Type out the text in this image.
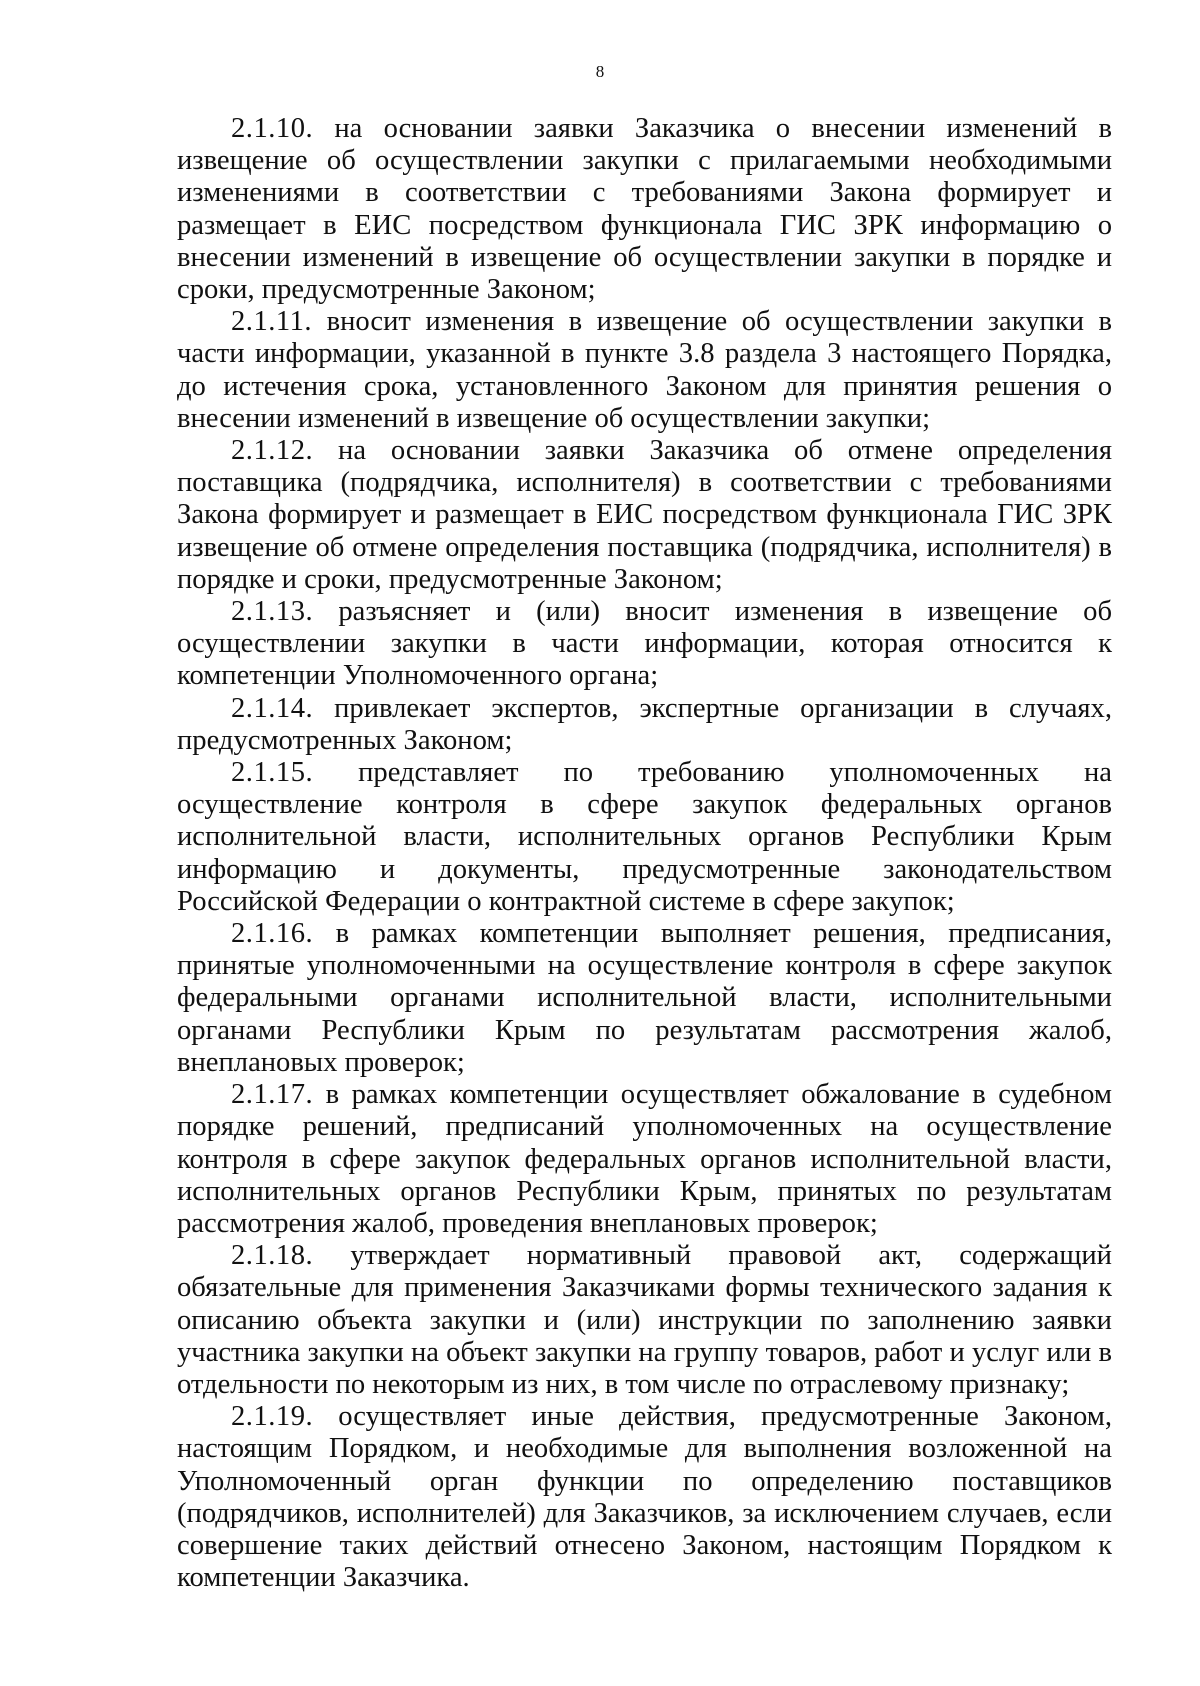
8

2.1.10. на основании заявки Заказчика о внесении изменений в извещение об осуществлении закупки с прилагаемыми необходимыми изменениями в соответствии с требованиями Закона формирует и размещает в ЕИС посредством функционала ГИС ЗРК информацию о внесении изменений в извещение об осуществлении закупки в порядке и сроки, предусмотренные Законом;

2.1.11. вносит изменения в извещение об осуществлении закупки в части информации, указанной в пункте 3.8 раздела 3 настоящего Порядка, до истечения срока, установленного Законом для принятия решения о внесении изменений в извещение об осуществлении закупки;

2.1.12. на основании заявки Заказчика об отмене определения поставщика (подрядчика, исполнителя) в соответствии с требованиями Закона формирует и размещает в ЕИС посредством функционала ГИС ЗРК извещение об отмене определения поставщика (подрядчика, исполнителя) в порядке и сроки, предусмотренные Законом;

2.1.13. разъясняет и (или) вносит изменения в извещение об осуществлении закупки в части информации, которая относится к компетенции Уполномоченного органа;

2.1.14. привлекает экспертов, экспертные организации в случаях, предусмотренных Законом;

2.1.15. представляет по требованию уполномоченных на осуществление контроля в сфере закупок федеральных органов исполнительной власти, исполнительных органов Республики Крым информацию и документы, предусмотренные законодательством Российской Федерации о контрактной системе в сфере закупок;

2.1.16. в рамках компетенции выполняет решения, предписания, принятые уполномоченными на осуществление контроля в сфере закупок федеральными органами исполнительной власти, исполнительными органами Республики Крым по результатам рассмотрения жалоб, внеплановых проверок;

2.1.17. в рамках компетенции осуществляет обжалование в судебном порядке решений, предписаний уполномоченных на осуществление контроля в сфере закупок федеральных органов исполнительной власти, исполнительных органов Республики Крым, принятых по результатам рассмотрения жалоб, проведения внеплановых проверок;

2.1.18. утверждает нормативный правовой акт, содержащий обязательные для применения Заказчиками формы технического задания к описанию объекта закупки и (или) инструкции по заполнению заявки участника закупки на объект закупки на группу товаров, работ и услуг или в отдельности по некоторым из них, в том числе по отраслевому признаку;

2.1.19. осуществляет иные действия, предусмотренные Законом, настоящим Порядком, и необходимые для выполнения возложенной на Уполномоченный орган функции по определению поставщиков (подрядчиков, исполнителей) для Заказчиков, за исключением случаев, если совершение таких действий отнесено Законом, настоящим Порядком к компетенции Заказчика.
